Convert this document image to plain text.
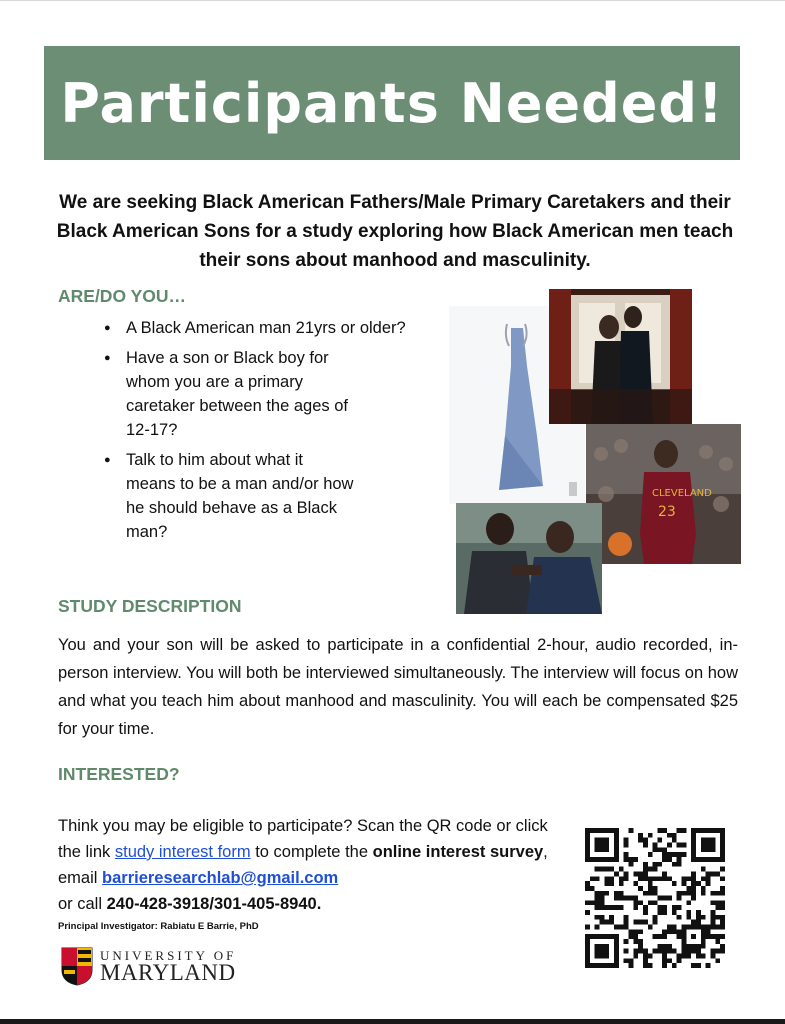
Participants Needed!
We are seeking Black American Fathers/Male Primary Caretakers and their Black American Sons for a study exploring how Black American men teach their sons about manhood and masculinity.
ARE/DO YOU…
● A Black American man 21yrs or older?
● Have a son or Black boy for whom you are a primary caretaker between the ages of 12-17?
● Talk to him about what it means to be a man and/or how he should behave as a Black man?
CLEVELAND
23
STUDY DESCRIPTION
You and your son will be asked to participate in a confidential 2-hour, audio recorded, in-person interview. You will both be interviewed simultaneously. The interview will focus on how and what you teach him about manhood and masculinity. You will each be compensated $25 for your time.
INTERESTED?
Think you may be eligible to participate? Scan the QR code or click the link study interest form to complete the online interest survey, email barrieresearchlab@gmail.com
or call 240-428-3918/301-405-8940.
Principal Investigator: Rabiatu E Barrie, PhD
UNIVERSITY OF
MARYLAND
